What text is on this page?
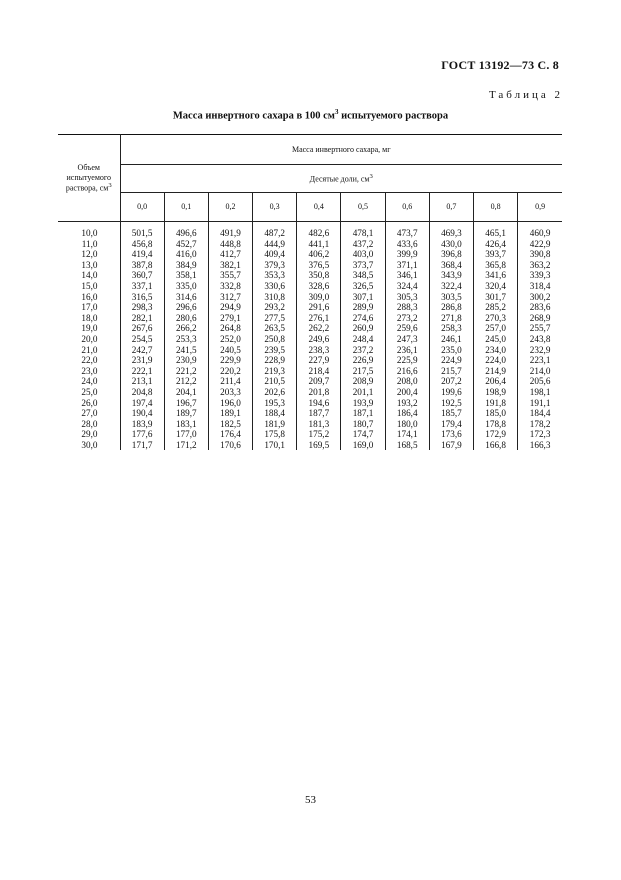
ГОСТ 13192—73 С. 8
Таблица 2
Масса инвертного сахара в 100 $см^3$ испытуемого раствора
Объем
испытуемого
раствора, $см^3$	Масса инвертного сахара, мг									
	Десятые доли, $см^3$
	0,0	0,1	0,2	0,3	0,4	0,5	0,6	0,7	0,8	0,9
10,0	501,5	496,6	491,9	487,2	482,6	478,1	473,7	469,3	465,1	460,9
11,0	456,8	452,7	448,8	444,9	441,1	437,2	433,6	430,0	426,4	422,9
12,0	419,4	416,0	412,7	409,4	406,2	403,0	399,9	396,8	393,7	390,8
13,0	387,8	384,9	382,1	379,3	376,5	373,7	371,1	368,4	365,8	363,2
14,0	360,7	358,1	355,7	353,3	350,8	348,5	346,1	343,9	341,6	339,3
15,0	337,1	335,0	332,8	330,6	328,6	326,5	324,4	322,4	320,4	318,4
16,0	316,5	314,6	312,7	310,8	309,0	307,1	305,3	303,5	301,7	300,2
17,0	298,3	296,6	294,9	293,2	291,6	289,9	288,3	286,8	285,2	283,6
18,0	282,1	280,6	279,1	277,5	276,1	274,6	273,2	271,8	270,3	268,9
19,0	267,6	266,2	264,8	263,5	262,2	260,9	259,6	258,3	257,0	255,7
20,0	254,5	253,3	252,0	250,8	249,6	248,4	247,3	246,1	245,0	243,8
21,0	242,7	241,5	240,5	239,5	238,3	237,2	236,1	235,0	234,0	232,9
22,0	231,9	230,9	229,9	228,9	227,9	226,9	225,9	224,9	224,0	223,1
23,0	222,1	221,2	220,2	219,3	218,4	217,5	216,6	215,7	214,9	214,0
24,0	213,1	212,2	211,4	210,5	209,7	208,9	208,0	207,2	206,4	205,6
25,0	204,8	204,1	203,3	202,6	201,8	201,1	200,4	199,6	198,9	198,1
26,0	197,4	196,7	196,0	195,3	194,6	193,9	193,2	192,5	191,8	191,1
27,0	190,4	189,7	189,1	188,4	187,7	187,1	186,4	185,7	185,0	184,4
28,0	183,9	183,1	182,5	181,9	181,3	180,7	180,0	179,4	178,8	178,2
29,0	177,6	177,0	176,4	175,8	175,2	174,7	174,1	173,6	172,9	172,3
30,0	171,7	171,2	170,6	170,1	169,5	169,0	168,5	167,9	166,8	166,3
53
